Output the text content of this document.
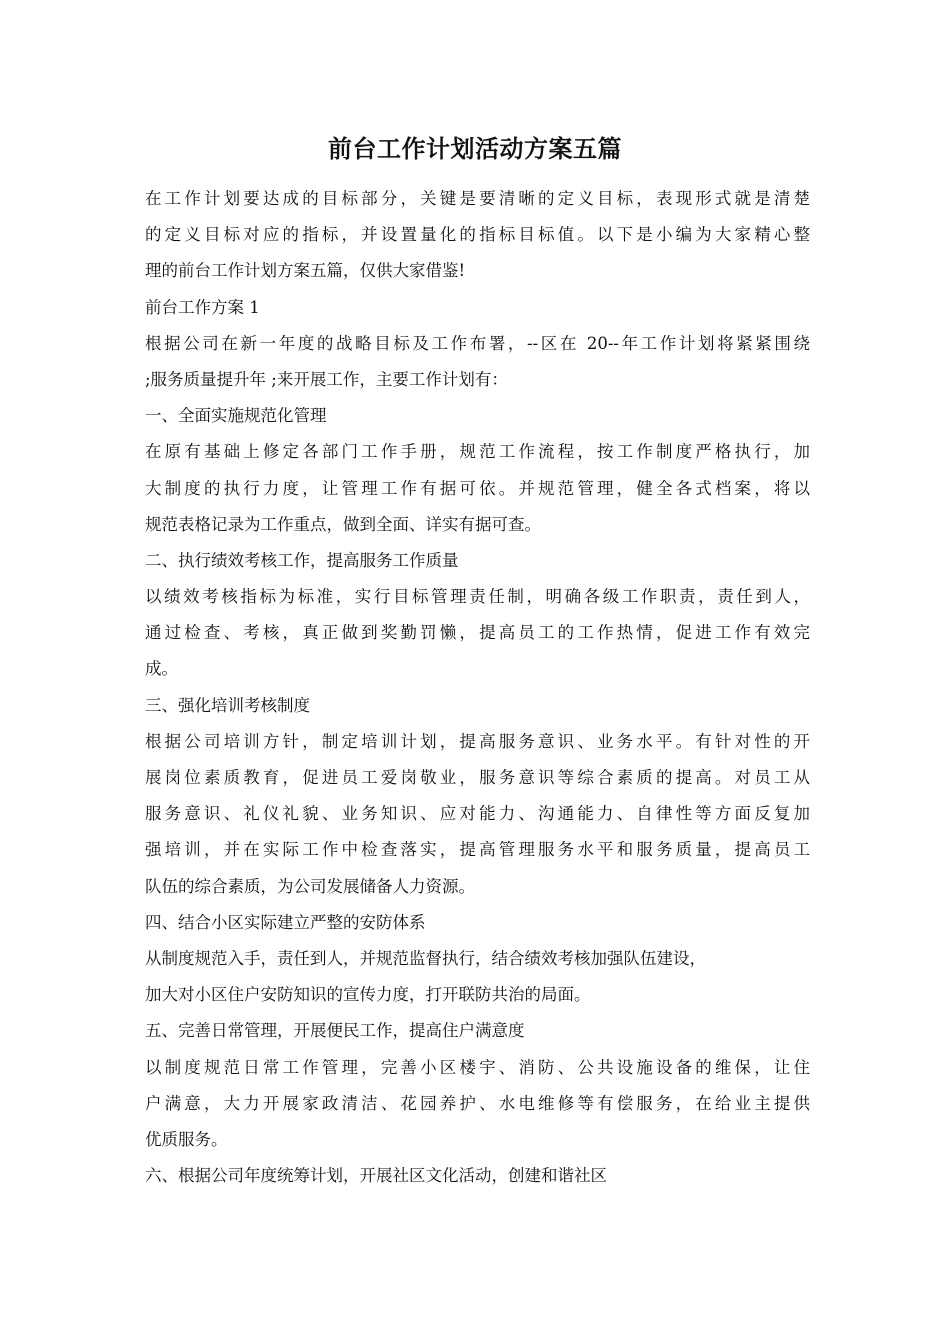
前台工作计划活动方案五篇
在工作计划要达成的目标部分，关键是要清晰的定义目标，表现形式就是清楚
的定义目标对应的指标，并设置量化的指标目标值。以下是小编为大家精心整
理的前台工作计划方案五篇，仅供大家借鉴!
前台工作方案 1
根据公司在新一年度的战略目标及工作布署，--区在 20--年工作计划将紧紧围绕
;服务质量提升年 ;来开展工作，主要工作计划有：
一、全面实施规范化管理
在原有基础上修定各部门工作手册，规范工作流程，按工作制度严格执行，加
大制度的执行力度，让管理工作有据可依。并规范管理，健全各式档案，将以
规范表格记录为工作重点，做到全面、详实有据可查。
二、执行绩效考核工作，提高服务工作质量
以绩效考核指标为标准，实行目标管理责任制，明确各级工作职责，责任到人，
通过检查、考核，真正做到奖勤罚懒，提高员工的工作热情，促进工作有效完
成。
三、强化培训考核制度
根据公司培训方针，制定培训计划，提高服务意识、业务水平。有针对性的开
展岗位素质教育，促进员工爱岗敬业，服务意识等综合素质的提高。对员工从
服务意识、礼仪礼貌、业务知识、应对能力、沟通能力、自律性等方面反复加
强培训，并在实际工作中检查落实，提高管理服务水平和服务质量，提高员工
队伍的综合素质，为公司发展储备人力资源。
四、结合小区实际建立严整的安防体系
从制度规范入手，责任到人，并规范监督执行，结合绩效考核加强队伍建设，
加大对小区住户安防知识的宣传力度，打开联防共治的局面。
五、完善日常管理，开展便民工作，提高住户满意度
以制度规范日常工作管理，完善小区楼宇、消防、公共设施设备的维保，让住
户满意，大力开展家政清洁、花园养护、水电维修等有偿服务，在给业主提供
优质服务。
六、根据公司年度统筹计划，开展社区文化活动，创建和谐社区
